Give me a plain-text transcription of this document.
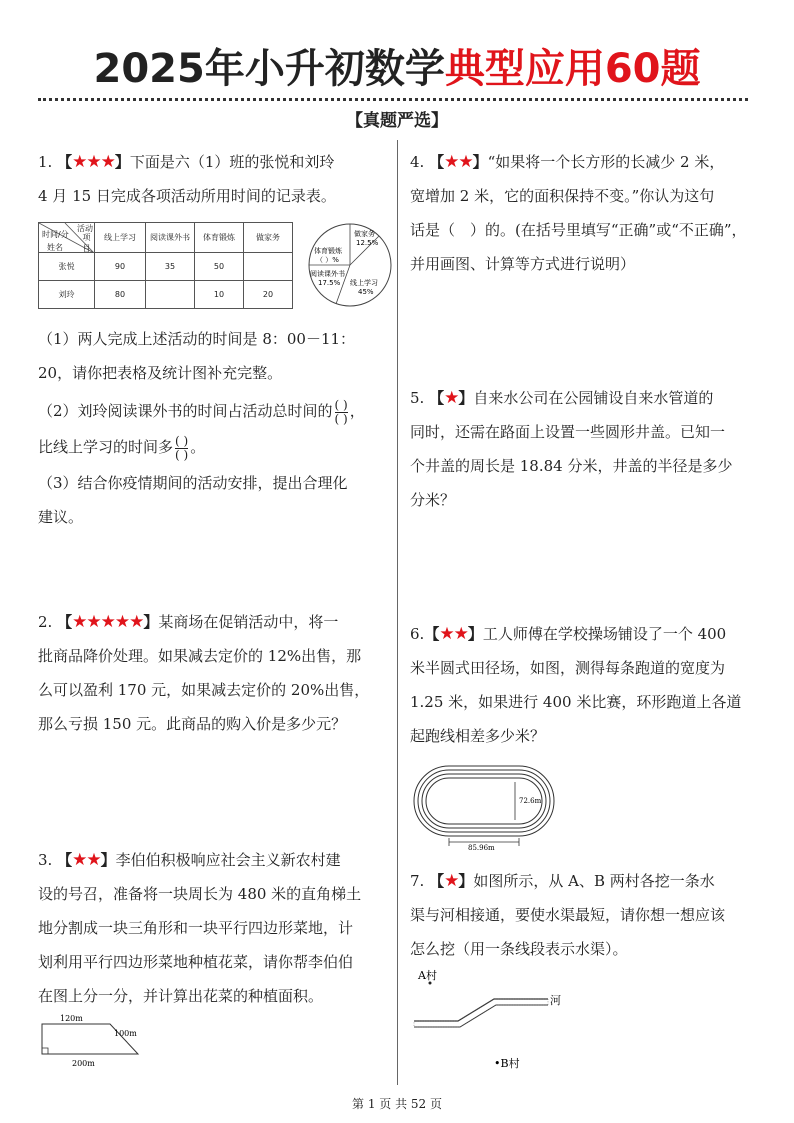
2025年小升初数学典型应用60题
【真题严选】

1. 【★★★】下面是六（1）班的张悦和刘玲

4 月 15 日完成各项活动所用时间的记录表。

时间/分
活动
项目
姓名	线上学习	阅读课外书	体育锻炼	做家务
张悦	90	35	50	
刘玲	80		10	20
做家务
12.5%
体育锻炼
（ ）%
阅读课外书
17.5% 线上学习
45%

（1）两人完成上述活动的时间是 8：00－11：

20，请你把表格及统计图补充完整。

（2）刘玲阅读课外书的时间占活动总时间的 $\frac{( )}{( )}$ ，

比线上学习的时间多 $\frac{( )}{( )}$ 。

（3）结合你疫情期间的活动安排，提出合理化

建议。

2. 【★★★★★】某商场在促销活动中，将一

批商品降价处理。如果减去定价的 12%出售，那

么可以盈利 170 元，如果减去定价的 20%出售，

那么亏损 150 元。此商品的购入价是多少元？

3. 【★★】李伯伯积极响应社会主义新农村建

设的号召，准备将一块周长为 480 米的直角梯土

地分割成一块三角形和一块平行四边形菜地，计

划利用平行四边形菜地种植花菜，请你帮李伯伯

在图上分一分，并计算出花菜的种植面积。

120m
100m
200m

4. 【★★】“如果将一个长方形的长减少 2 米，

宽增加 2 米，它的面积保持不变。”你认为这句

话是（　）的。(在括号里填写“正确”或“不正确”，

并用画图、计算等方式进行说明）

5. 【★】自来水公司在公园铺设自来水管道的

同时，还需在路面上设置一些圆形井盖。已知一

个井盖的周长是 18.84 分米，井盖的半径是多少

分米？

6.【★★】工人师傅在学校操场铺设了一个 400

米半圆式田径场，如图，测得每条跑道的宽度为

1.25 米，如果进行 400 米比赛，环形跑道上各道

起跑线相差多少米？

72.6m
85.96m

7. 【★】如图所示，从 A、B 两村各挖一条水

渠与河相接通，要使水渠最短，请你想一想应该

怎么挖（用一条线段表示水渠）。

A村
河
•B村
第 1 页 共 52 页
